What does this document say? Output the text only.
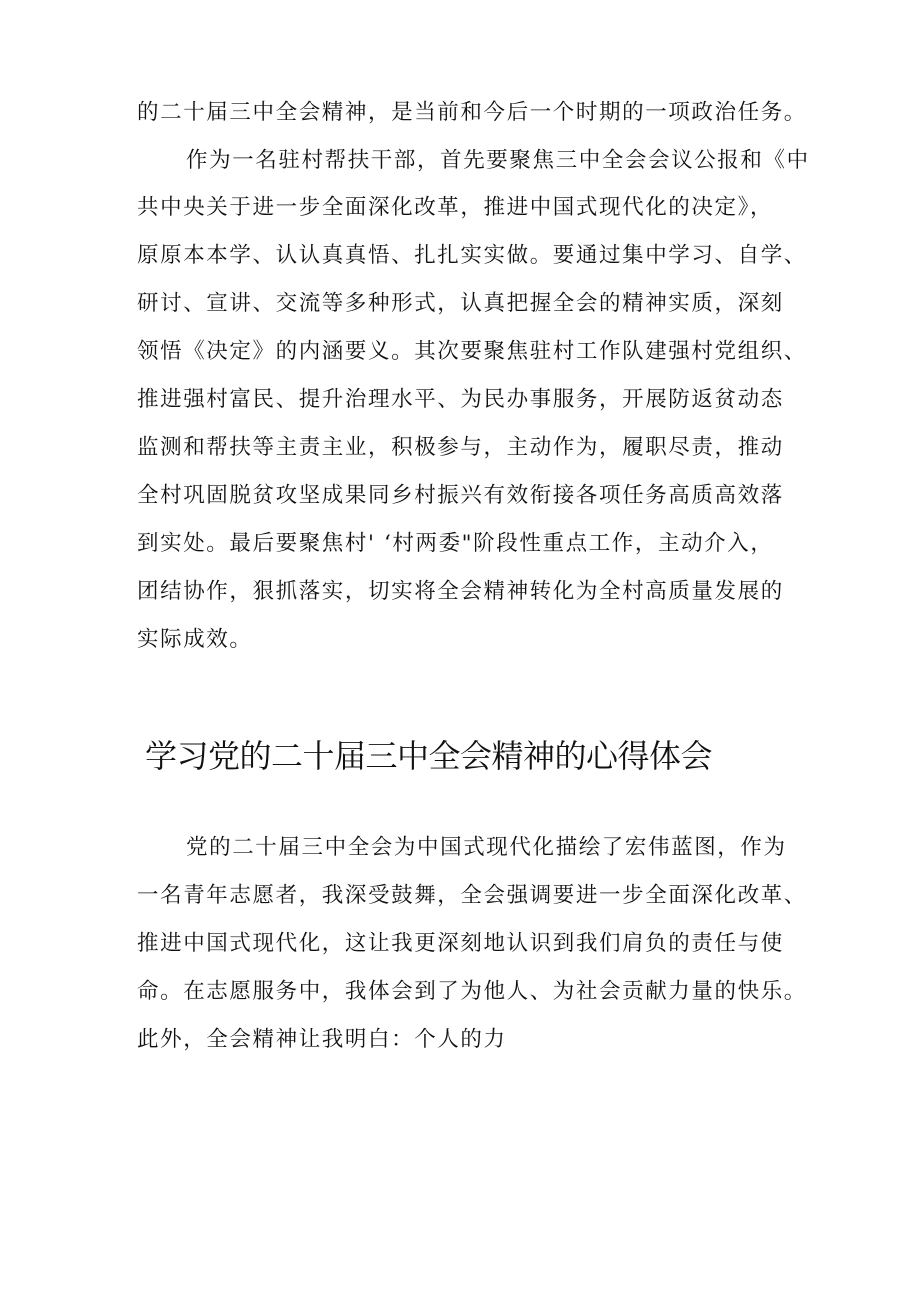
的二十届三中全会精神，是当前和今后一个时期的一项政治任务。
作为一名驻村帮扶干部，首先要聚焦三中全会会议公报和《中
共中央关于进一步全面深化改革，推进中国式现代化的决定》，
原原本本学、认认真真悟、扎扎实实做。要通过集中学习、自学、
研讨、宣讲、交流等多种形式，认真把握全会的精神实质，深刻
领悟《决定》的内涵要义。其次要聚焦驻村工作队建强村党组织、
推进强村富民、提升治理水平、为民办事服务，开展防返贫动态
监测和帮扶等主责主业，积极参与，主动作为，履职尽责，推动
全村巩固脱贫攻坚成果同乡村振兴有效衔接各项任务高质高效落
到实处。最后要聚焦村' ‘村两委"阶段性重点工作，主动介入，
团结协作，狠抓落实，切实将全会精神转化为全村高质量发展的
实际成效。
学习党的二十届三中全会精神的心得体会
党的二十届三中全会为中国式现代化描绘了宏伟蓝图，作为
一名青年志愿者，我深受鼓舞，全会强调要进一步全面深化改革、
推进中国式现代化，这让我更深刻地认识到我们肩负的责任与使
命。在志愿服务中，我体会到了为他人、为社会贡献力量的快乐。
此外，全会精神让我明白：个人的力
